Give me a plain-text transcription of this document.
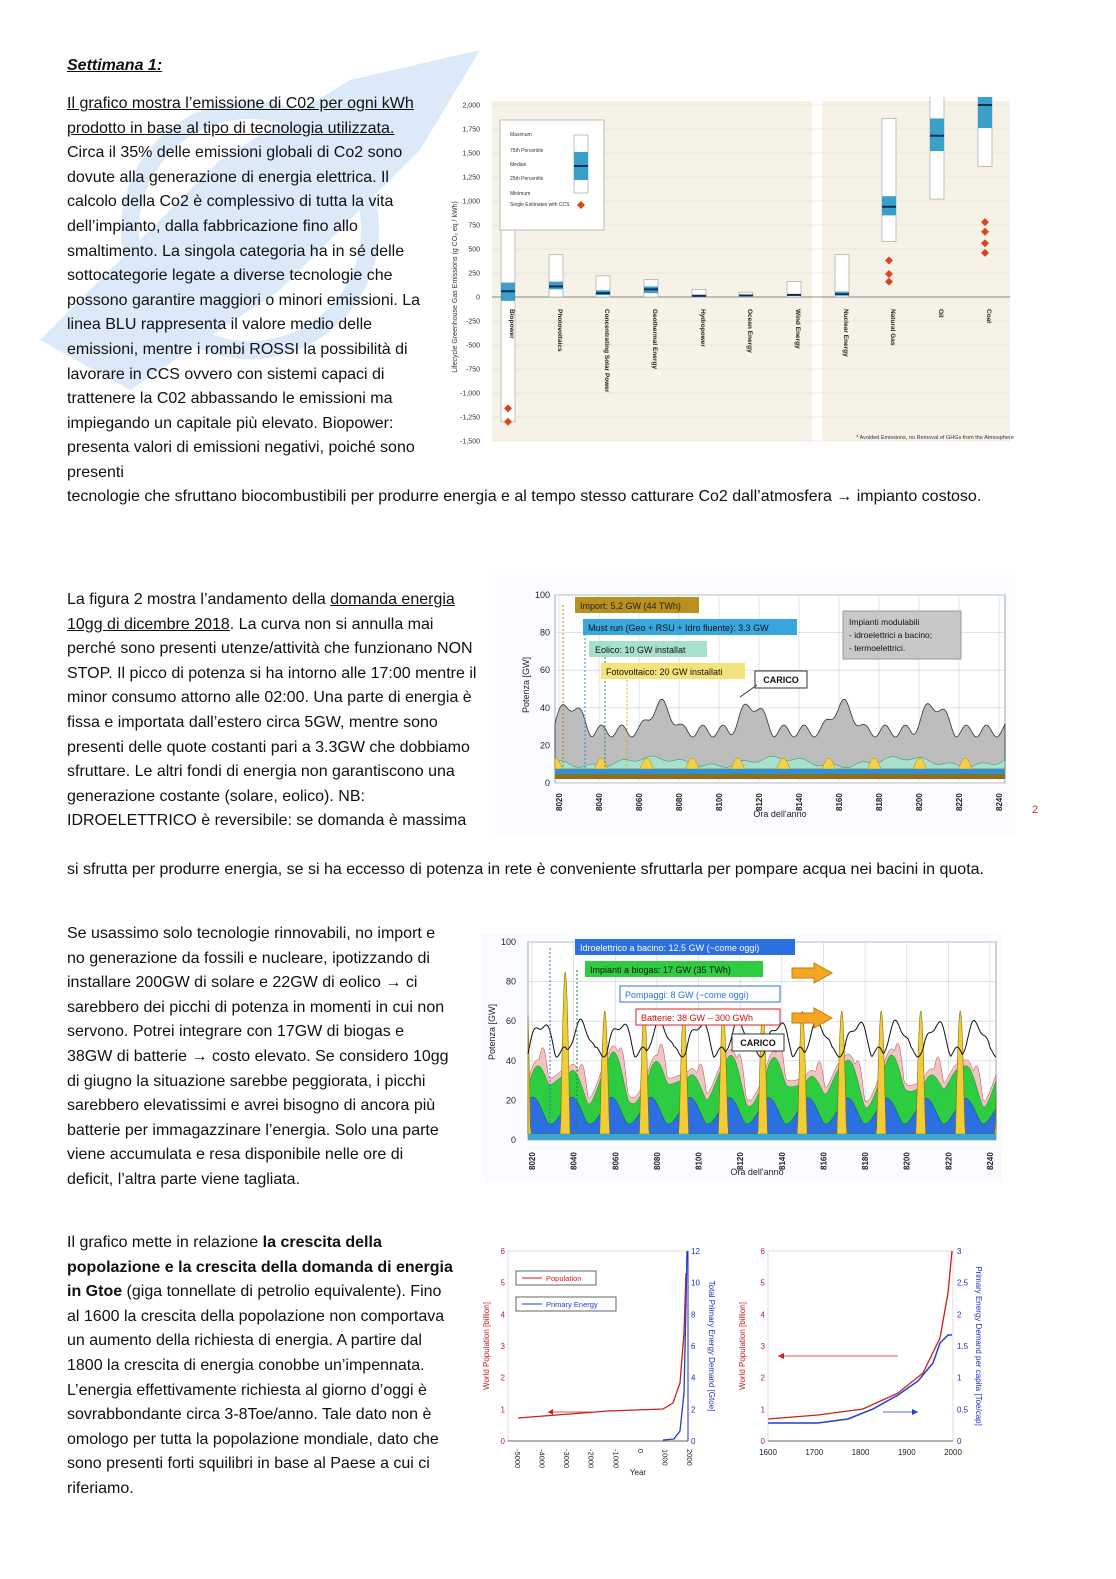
Settimana 1:

Il grafico mostra l’emissione di C02 per ogni kWh prodotto in base al tipo di tecnologia utilizzata. Circa il 35% delle emissioni globali di Co2 sono dovute alla generazione di energia elettrica. Il calcolo della Co2 è complessivo di tutta la vita dell’impianto, dalla fabbricazione fino allo smaltimento. La singola categoria ha in sé delle sottocategorie legate a diverse tecnologie che possono garantire maggiori o minori emissioni. La linea BLU rappresenta il valore medio delle emissioni, mentre i rombi ROSSI la possibilità di lavorare in CCS ovvero con sistemi capaci di trattenere la C02 abbassando le emissioni ma impiegando un capitale più elevato. Biopower: presenta valori di emissioni negativi, poiché sono presenti

tecnologie che sfruttano biocombustibili per produrre energia e al tempo stesso catturare Co2 dall’atmosfera → impianto costoso.

2,000
1,750
1,500
1,250
1,000
750
500
250
0
-250
-500
-750
-1,000
-1,250
-1,500
Lifecycle Greenhouse Gas Emissions (g CO₂ eq / kWh)	Biopower	Photovoltaics	Concentrating Solar Power	Geothermal Energy	Hydropower	Ocean Energy	Wind Energy	Nuclear Energy	Natural Gas	Oil	Coal
Maximum
75th Percentile
Median
25th Percentile
Minimum
Single Estimates with CCS
* Avoided Emissions, no Removal of GHGs from the Atmosphere

La figura 2 mostra l’andamento della domanda energia 10gg di dicembre 2018. La curva non si annulla mai perché sono presenti utenze/attività che funzionano NON STOP. Il picco di potenza si ha intorno alle 17:00 mentre il minor consumo attorno alle 02:00. Una parte di energia è fissa e importata dall’estero circa 5GW, mentre sono presenti delle quote costanti pari a 3.3GW che dobbiamo sfruttare. Le altri fondi di energia non garantiscono una generazione costante (solare, eolico). NB: IDROELETTRICO è reversibile: se domanda è massima

si sfrutta per produrre energia, se si ha eccesso di potenza in rete è conveniente sfruttarla per pompare acqua nei bacini in quota.

100
80
60
40
20
0
8020	8040	8060	8080	8100	8120	8140	8160	8180	8200	8220	8240
Potenza [GW]
Ora dell'anno
Import: 5.2 GW (44 TWh)
Must run (Geo + RSU + Idro fluente): 3.3 GW
Eolico: 10 GW installat
Fotovoltaico: 20 GW installati
CARICO
Impianti modulabili
- idroelettrici a bacino;
- termoelettrici.
2

Se usassimo solo tecnologie rinnovabili, no import e no generazione da fossili e nucleare, ipotizzando di installare 200GW di solare e 22GW di eolico → ci sarebbero dei picchi di potenza in momenti in cui non servono. Potrei integrare con 17GW di biogas e 38GW di batterie → costo elevato. Se considero 10gg di giugno la situazione sarebbe peggiorata, i picchi sarebbero elevatissimi e avrei bisogno di ancora più batterie per immagazzinare l’energia. Solo una parte viene accumulata e resa disponibile nelle ore di deficit, l’altra parte viene tagliata.

100
80
60
40
20
0
8020	8040	8060	8080	8100	8120	8140	8160	8180	8200	8220	8240
Potenza [GW]
Ora dell'anno
Idroelettrico a bacino: 12.5 GW (~come oggi)
Impianti a biogas: 17 GW (35 TWh)
Pompaggi: 8 GW (~come oggi)
Batterie: 38 GW – 300 GWh
CARICO

Il grafico mette in relazione la crescita della popolazione e la crescita della domanda di energia in Gtoe (giga tonnellate di petrolio equivalente). Fino al 1600 la crescita della popolazione non comportava un aumento della richiesta di energia. A partire dal 1800 la crescita di energia conobbe un’impennata. L’energia effettivamente richiesta al giorno d’oggi è sovrabbondante circa 3-8Toe/anno. Tale dato non è omologo per tutta la popolazione mondiale, dato che sono presenti forti squilibri in base al Paese a cui ci riferiamo.

6
5
4
3
2
1
0
12
10
8
6
4
2
0
-5000 -4000 -3000 -2000 -1000 0 1000 2000
World Population [billion]	Total Primary Energy Demand [Gtoe]
Year
Population
Primary Energy
6
5
4
3
2
1
0
3
2.5
2
1.5
1
0.5
0
1600	1700	1800	1900	2000
World Population [billion]	Primary Energy Demand per capita [Toe/cap]
